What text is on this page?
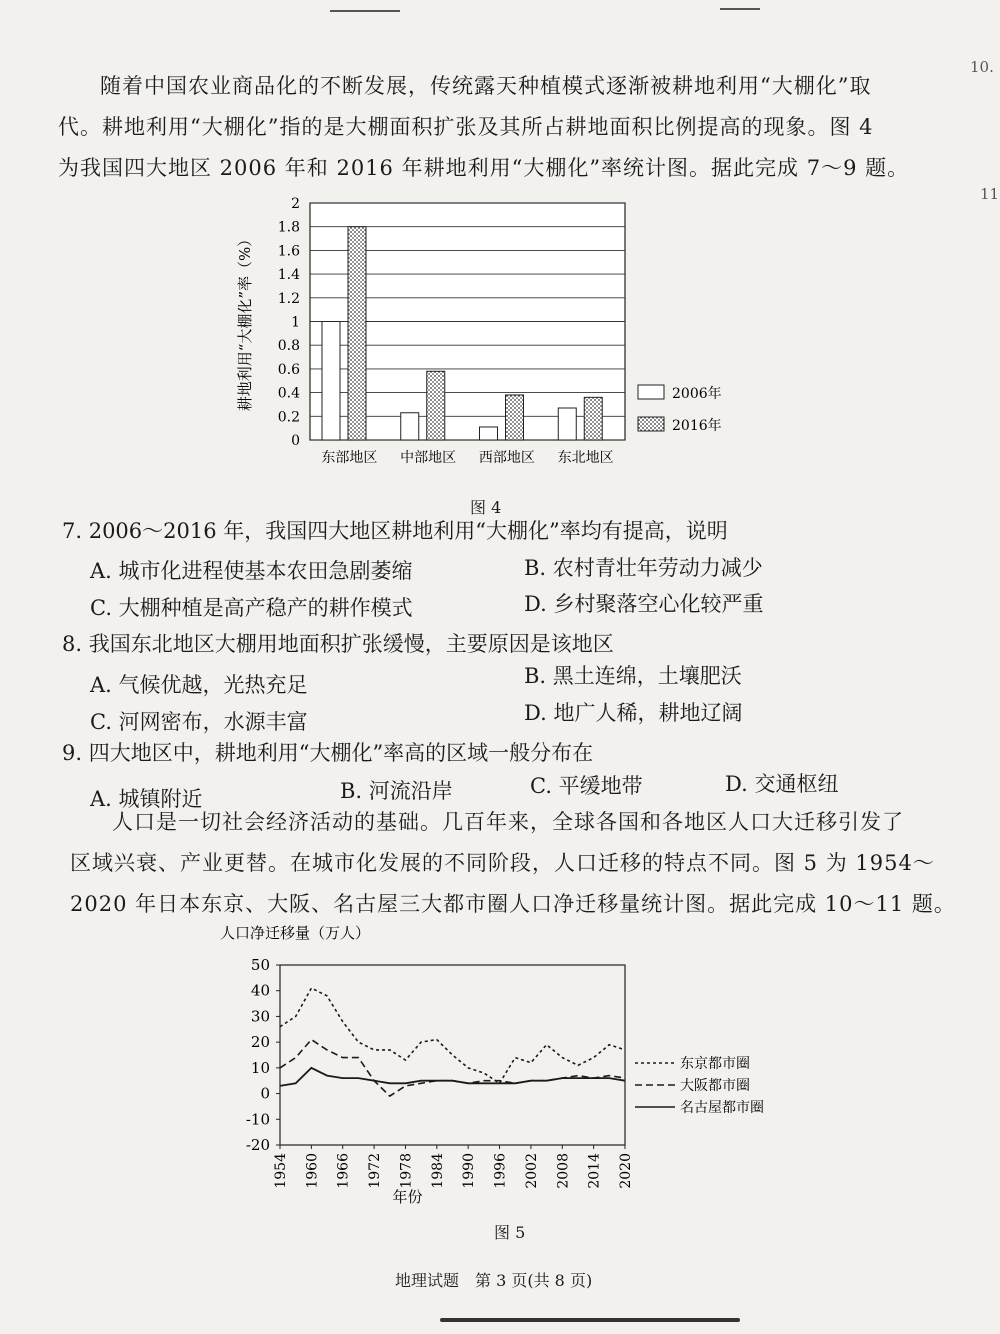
10.
11
随着中国农业商品化的不断发展，传统露天种植模式逐渐被耕地利用“大棚化”取
代。耕地利用“大棚化”指的是大棚面积扩张及其所占耕地面积比例提高的现象。图 4
为我国四大地区 2006 年和 2016 年耕地利用“大棚化”率统计图。据此完成 7～9 题。
0
0.2
0.4
0.6
0.8
1
1.2
1.4
1.6
1.8
2
耕地利用“大棚化”率（%）
东部地区 中部地区 西部地区 东北地区
2006年
2016年
图 4
7. 2006～2016 年，我国四大地区耕地利用“大棚化”率均有提高，说明
A. 城市化进程使基本农田急剧萎缩	B. 农村青壮年劳动力减少
C. 大棚种植是高产稳产的耕作模式	D. 乡村聚落空心化较严重
8. 我国东北地区大棚用地面积扩张缓慢，主要原因是该地区
A. 气候优越，光热充足	B. 黑土连绵，土壤肥沃
C. 河网密布，水源丰富	D. 地广人稀，耕地辽阔
9. 四大地区中，耕地利用“大棚化”率高的区域一般分布在
A. 城镇附近	B. 河流沿岸	C. 平缓地带	D. 交通枢纽
人口是一切社会经济活动的基础。几百年来，全球各国和各地区人口大迁移引发了
区域兴衰、产业更替。在城市化发展的不同阶段，人口迁移的特点不同。图 5 为 1954～
2020 年日本东京、大阪、名古屋三大都市圈人口净迁移量统计图。据此完成 10～11 题。
人口净迁移量（万人）
-20
-10
0
10
20
30
40
50
1954 1960 1966 1972 1978 1984 1990 1996 2002 2008 2014 2020
年份
东京都市圈
大阪都市圈
名古屋都市圈
图 5
地理试题　第 3 页(共 8 页)
